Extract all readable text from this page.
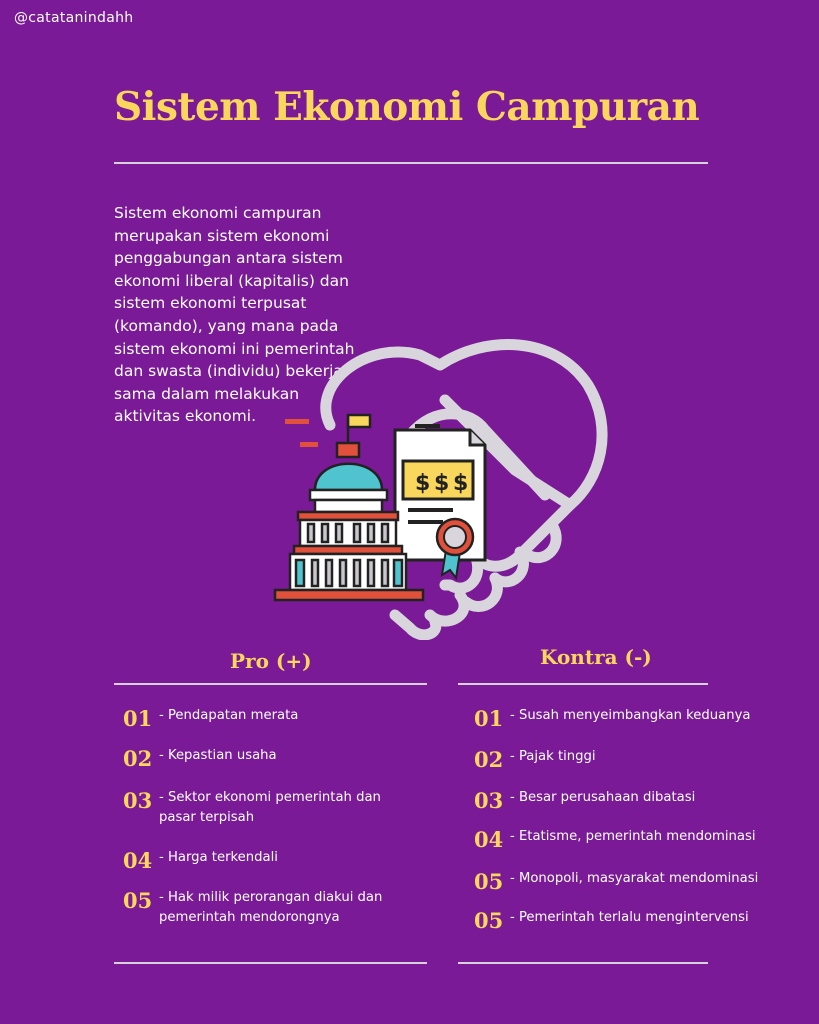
@catatanindahh
Sistem Ekonomi Campuran

Sistem ekonomi campuran merupakan sistem ekonomi penggabungan antara sistem ekonomi liberal (kapitalis) dan sistem ekonomi terpusat (komando), yang mana pada sistem ekonomi ini pemerintah dan swasta (individu) bekerja sama dalam melakukan aktivitas ekonomi.

$ $ $
Pro (+)
01 - Pendapatan merata
02 - Kepastian usaha
03 - Sektor ekonomi pemerintah dan pasar terpisah
04 - Harga terkendali
05 - Hak milik perorangan diakui dan pemerintah mendorongnya
Kontra (-)
01 - Susah menyeimbangkan keduanya
02 - Pajak tinggi
03 - Besar perusahaan dibatasi
04 - Etatisme, pemerintah mendominasi
05 - Monopoli, masyarakat mendominasi
05 - Pemerintah terlalu mengintervensi
